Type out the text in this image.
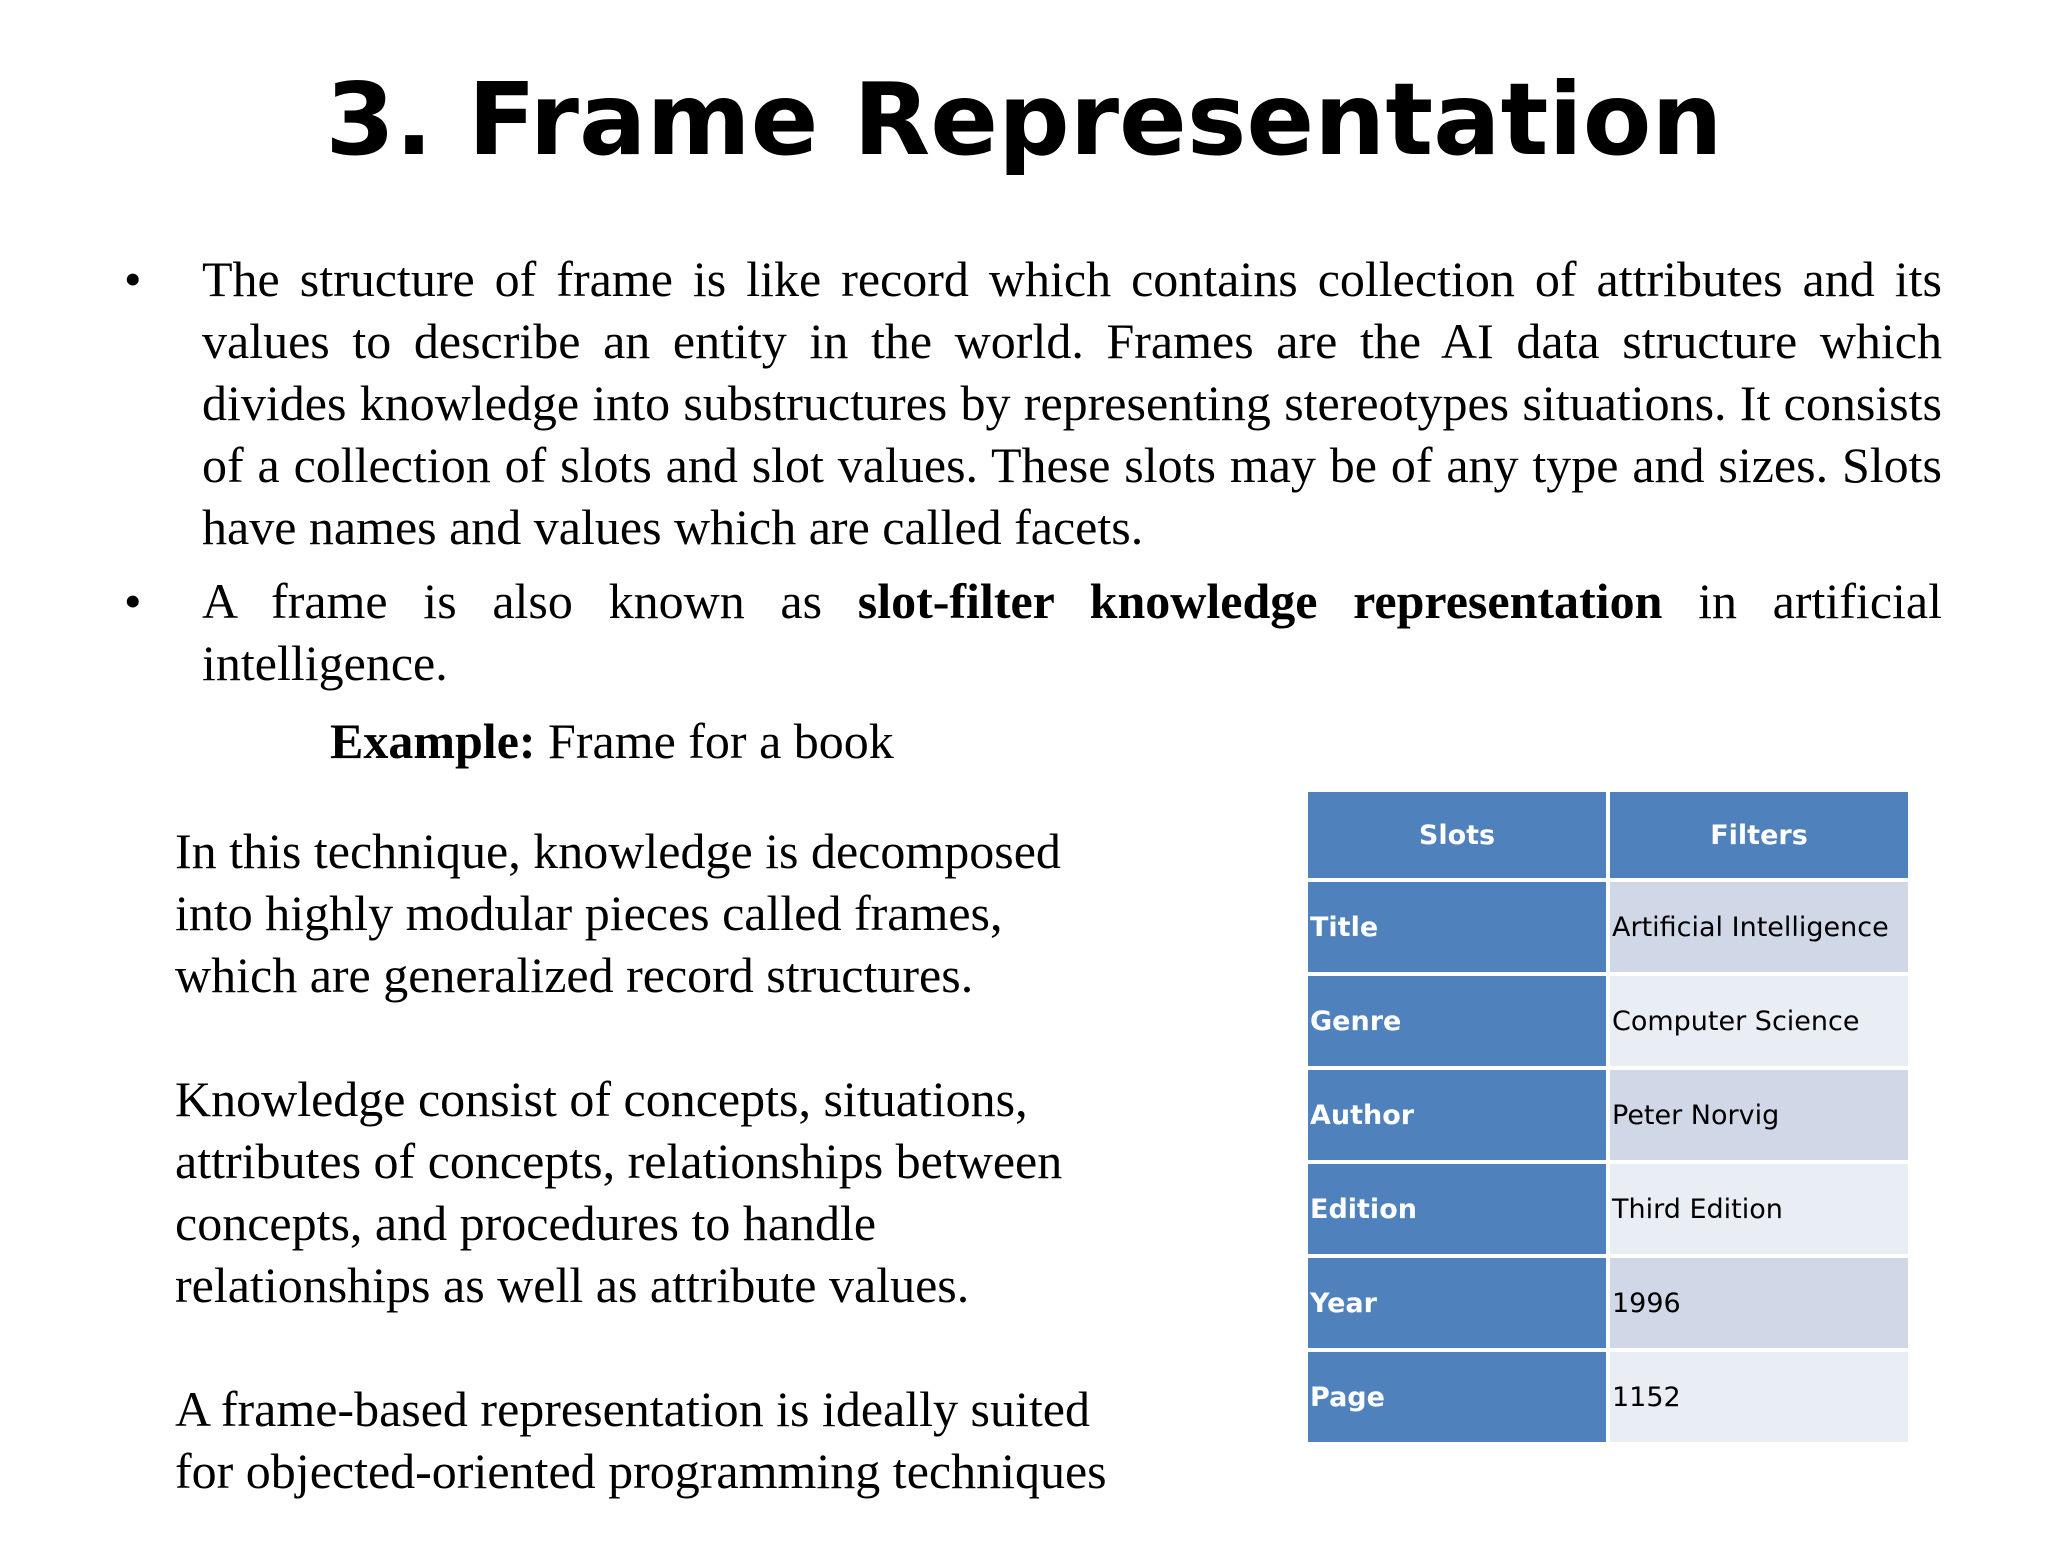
3. Frame Representation
• The structure of frame is like record which contains collection of attributes and its values to describe an entity in the world. Frames are the AI data structure which divides knowledge into substructures by representing stereotypes situations. It consists of a collection of slots and slot values. These slots may be of any type and sizes. Slots have names and values which are called facets.
• A frame is also known as slot-filter knowledge representation in artificial intelligence.
Example: Frame for a book

In this technique, knowledge is decomposed
into highly modular pieces called frames,
which are generalized record structures.

Knowledge consist of concepts, situations,
attributes of concepts, relationships between
concepts, and procedures to handle
relationships as well as attribute values.

A frame-based representation is ideally suited
for objected-oriented programming techniques

Slots	Filters
Title	Artificial Intelligence
Genre	Computer Science
Author	Peter Norvig
Edition	Third Edition
Year	1996
Page	1152
